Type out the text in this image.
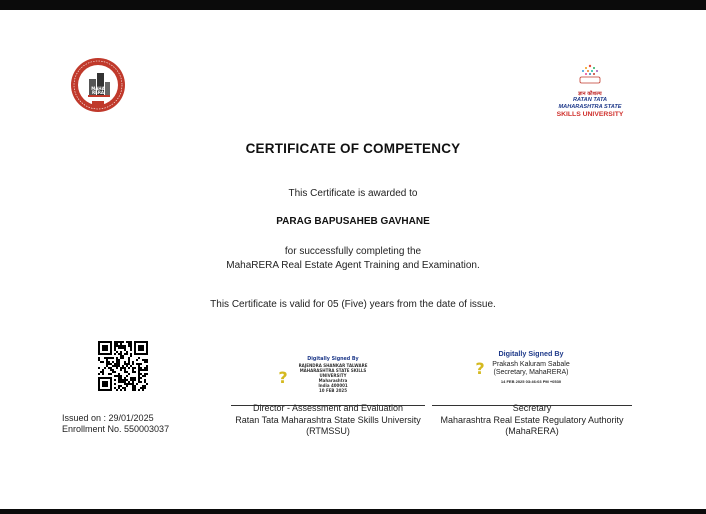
MAHA
RERA	ज्ञान कौशल्य
RATAN TATA
MAHARASHTRA STATE
SKILLS UNIVERSITY
CERTIFICATE OF COMPETENCY
This Certificate is awarded to
PARAG BAPUSAHEB GAVHANE
for successfully completing the
MahaRERA Real Estate Agent Training and Examination.
This Certificate is valid for 05 (Five) years from the date of issue.
Issued on : 29/01/2025
Enrollment No. 550003037
Digitally Signed By
RAJENDRA SHANKAR TALWARE
MAHARASHTRA STATE SKILLS
UNIVERSITY
Maharashtra
India 400001
10 FEB 2025
?
Digitally Signed By
Prakash Kaluram Sabale
(Secretary, MahaRERA)
14 FEB 2025 03:46:03 PM +0530
?
Director - Assessment and Evaluation
Ratan Tata Maharashtra State Skills University
(RTMSSU)
Secretary
Maharashtra Real Estate Regulatory Authority
(MahaRERA)
